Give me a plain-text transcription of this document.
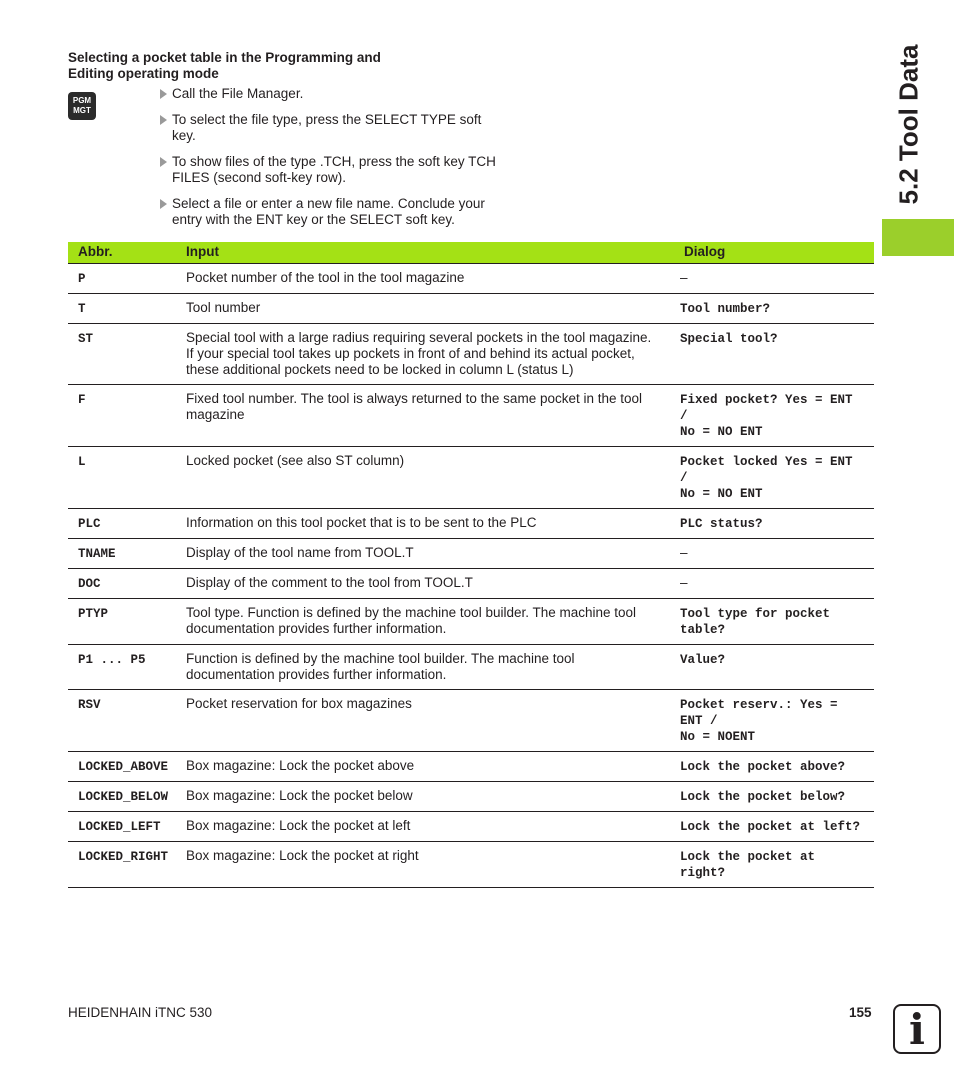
Selecting a pocket table in the Programming and
Editing operating mode
PGM
MGT
Call the File Manager.
To select the file type, press the SELECT TYPE soft
key.
To show files of the type .TCH, press the soft key TCH
FILES (second soft-key row).
Select a file or enter a new file name. Conclude your
entry with the ENT key or the SELECT soft key.
5.2 Tool Data
Abbr.	Input	Dialog
P	Pocket number of the tool in the tool magazine	–
T	Tool number	Tool number?
ST	Special tool with a large radius requiring several pockets in the tool magazine.
If your special tool takes up pockets in front of and behind its actual pocket,
these additional pockets need to be locked in column L (status L)	Special tool?
F	Fixed tool number. The tool is always returned to the same pocket in the tool
magazine	Fixed pocket? Yes = ENT /
No = NO ENT
L	Locked pocket (see also ST column)	Pocket locked Yes = ENT /
No = NO ENT
PLC	Information on this tool pocket that is to be sent to the PLC	PLC status?
TNAME	Display of the tool name from TOOL.T	–
DOC	Display of the comment to the tool from TOOL.T	–
PTYP	Tool type. Function is defined by the machine tool builder. The machine tool
documentation provides further information.	Tool type for pocket table?
P1 ... P5	Function is defined by the machine tool builder. The machine tool
documentation provides further information.	Value?
RSV	Pocket reservation for box magazines	Pocket reserv.: Yes = ENT /
No = NOENT
LOCKED_ABOVE	Box magazine: Lock the pocket above	Lock the pocket above?
LOCKED_BELOW	Box magazine: Lock the pocket below	Lock the pocket below?
LOCKED_LEFT	Box magazine: Lock the pocket at left	Lock the pocket at left?
LOCKED_RIGHT	Box magazine: Lock the pocket at right	Lock the pocket at right?
HEIDENHAIN iTNC 530	155 i
